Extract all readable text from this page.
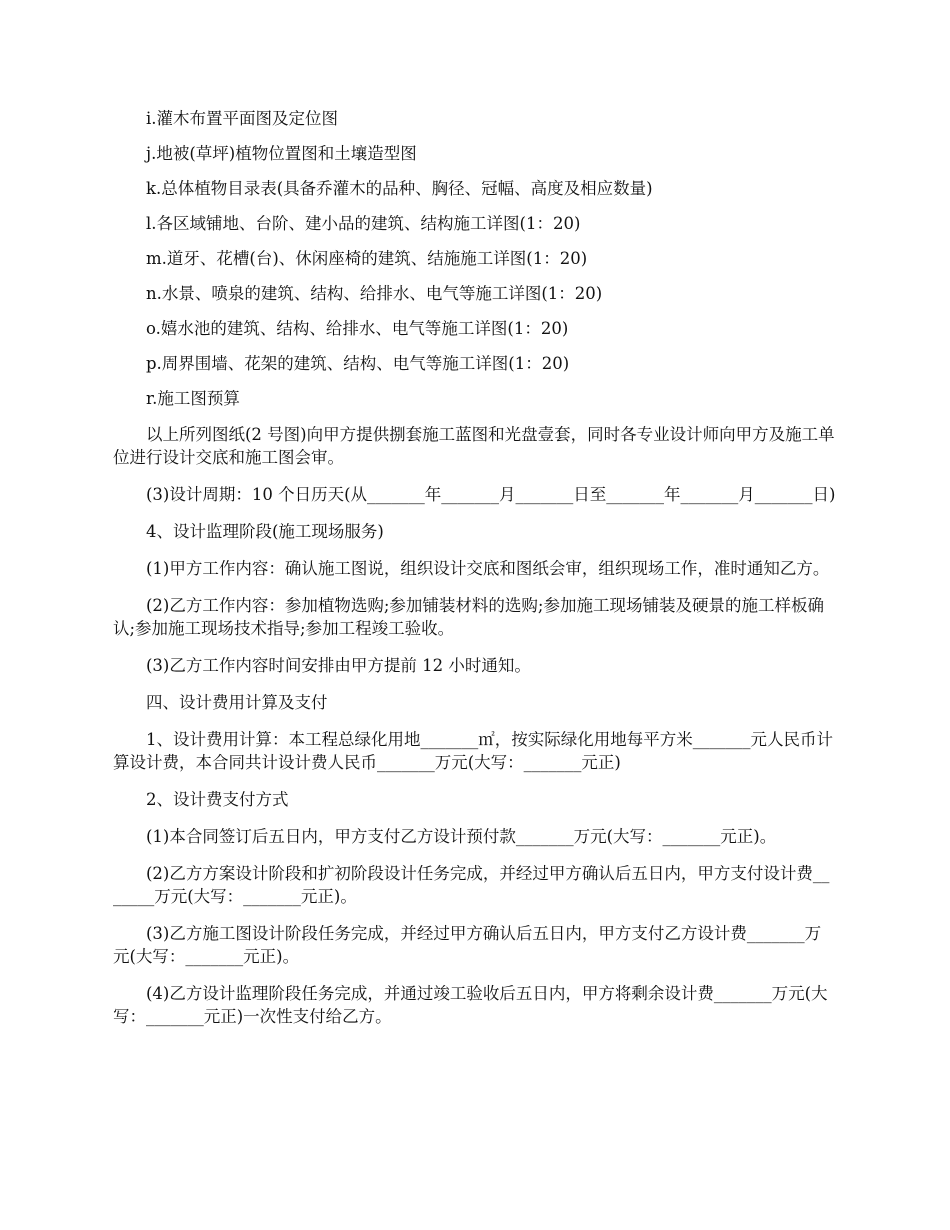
i.灌木布置平面图及定位图

j.地被(草坪)植物位置图和土壤造型图

k.总体植物目录表(具备乔灌木的品种、胸径、冠幅、高度及相应数量)

l.各区域铺地、台阶、建小品的建筑、结构施工详图(1：20)

m.道牙、花槽(台)、休闲座椅的建筑、结施施工详图(1：20)

n.水景、喷泉的建筑、结构、给排水、电气等施工详图(1：20)

o.嬉水池的建筑、结构、给排水、电气等施工详图(1：20)

p.周界围墙、花架的建筑、结构、电气等施工详图(1：20)

r.施工图预算

以上所列图纸(2 号图)向甲方提供捌套施工蓝图和光盘壹套，同时各专业设计师向甲方及施工单位进行设计交底和施工图会审。

(3)设计周期：10 个日历天(从_______年_______月_______日至_______年_______月_______日)

4、设计监理阶段(施工现场服务)

(1)甲方工作内容：确认施工图说，组织设计交底和图纸会审，组织现场工作，准时通知乙方。

(2)乙方工作内容：参加植物选购;参加铺装材料的选购;参加施工现场铺装及硬景的施工样板确认;参加施工现场技术指导;参加工程竣工验收。

(3)乙方工作内容时间安排由甲方提前 12 小时通知。

四、设计费用计算及支付

1、设计费用计算：本工程总绿化用地_______㎡，按实际绿化用地每平方米_______元人民币计算设计费，本合同共计设计费人民币_______万元(大写：_______元正)

2、设计费支付方式

(1)本合同签订后五日内，甲方支付乙方设计预付款_______万元(大写：_______元正)。

(2)乙方方案设计阶段和扩初阶段设计任务完成，并经过甲方确认后五日内，甲方支付设计费_______万元(大写：_______元正)。

(3)乙方施工图设计阶段任务完成，并经过甲方确认后五日内，甲方支付乙方设计费_______万元(大写：_______元正)。

(4)乙方设计监理阶段任务完成，并通过竣工验收后五日内，甲方将剩余设计费_______万元(大写：_______元正)一次性支付给乙方。
